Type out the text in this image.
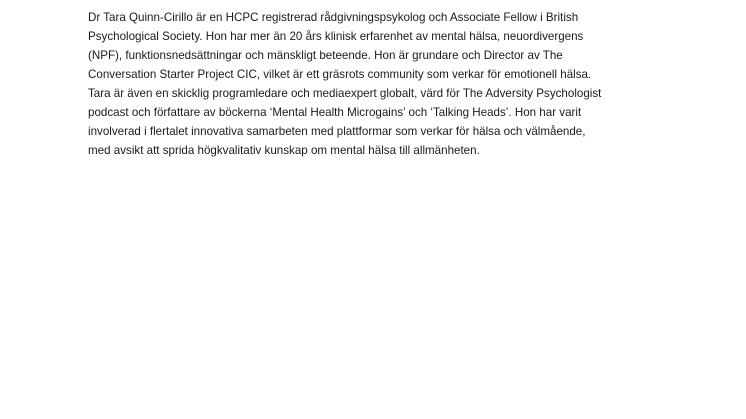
Dr Tara Quinn-Cirillo är en HCPC registrerad rådgivningspsykolog och Associate Fellow i British
Psychological Society. Hon har mer än 20 års klinisk erfarenhet av mental hälsa, neuordivergens
(NPF), funktionsnedsättningar och mänskligt beteende. Hon är grundare och Director av The
Conversation Starter Project CIC, vilket är ett gräsrots community som verkar för emotionell hälsa.
Tara är även en skicklig programledare och mediaexpert globalt, värd för The Adversity Psychologist
podcast och författare av böckerna ‘Mental Health Microgains’ och ‘Talking Heads’. Hon har varit
involverad i flertalet innovativa samarbeten med plattformar som verkar för hälsa och välmående,
med avsikt att sprida högkvalitativ kunskap om mental hälsa till allmänheten.
